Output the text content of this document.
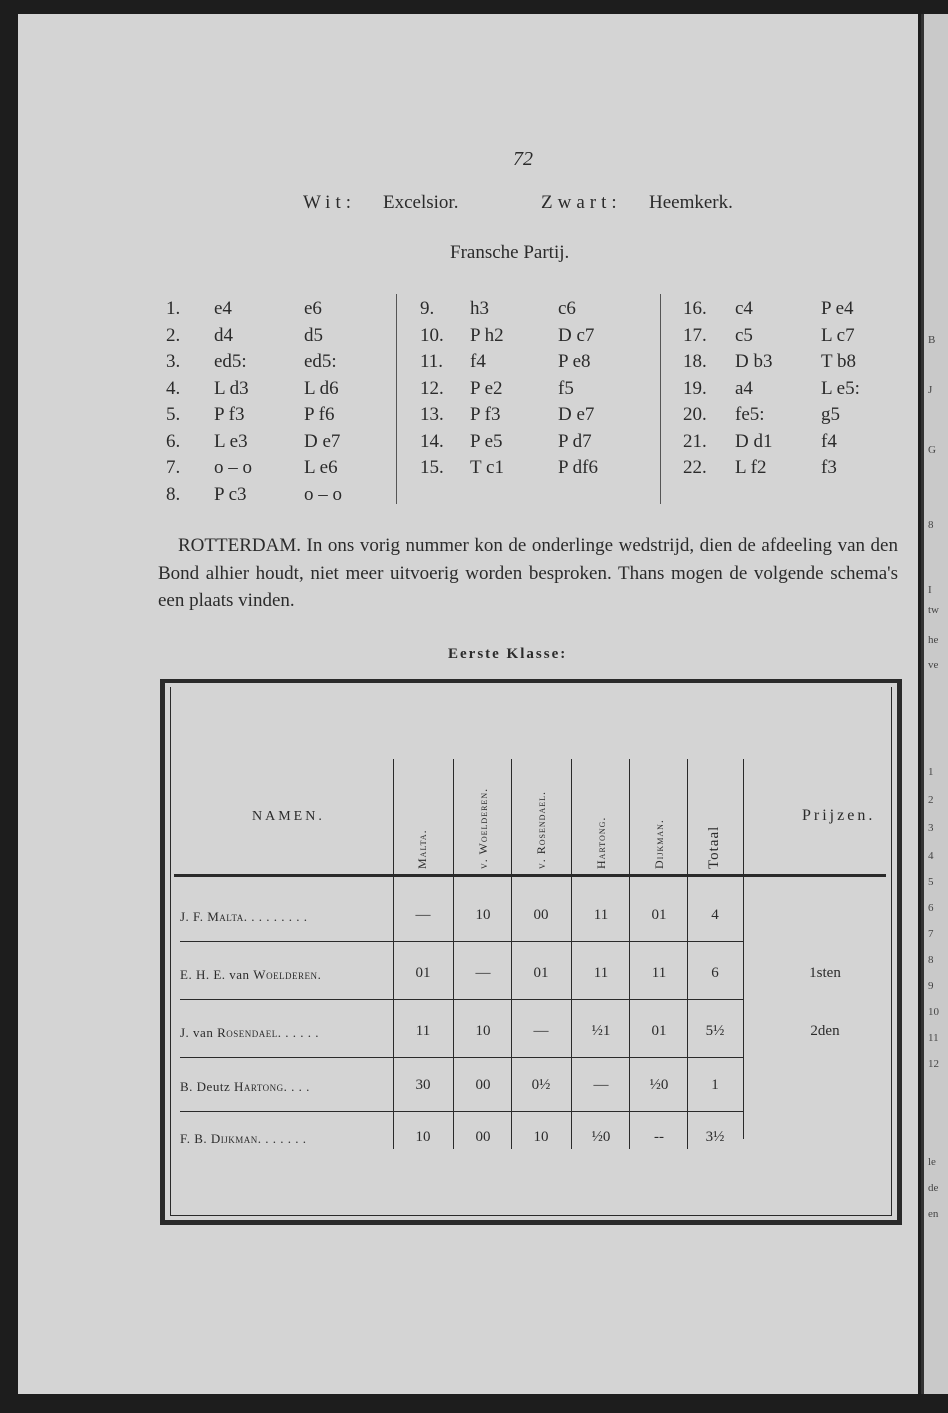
72
Wit: Excelsior.	Zwart: Heemkerk.
Fransche Partij.
1. e4	e6
2. d4	d5
3. ed5:	ed5:
4. L d3	L d6
5. P f3	P f6
6. L e3	D e7
7. o – o	L e6
8. P c3	o – o
9. h3	c6
10. P h2	D c7
11. f4	P e8
12. P e2	f5
13. P f3	D e7
14. P e5	P d7
15. T c1	P df6
16. c4	P e4
17. c5	L c7
18. D b3	T b8
19. a4	L e5:
20. fe5:	g5
21. D d1	f4
22. L f2	f3
ROTTERDAM. In ons vorig nummer kon de onderlinge wedstrijd, dien de afdeeling van den Bond alhier houdt, niet meer uitvoerig worden besproken. Thans mogen de volgende schema's een plaats vinden.
Eerste Klasse:
NAMEN.	Prijzen.
Malta.	v. Woelderen.	v. Rosendael.	Hartong.	Dijkman.	Totaal
J. F. Malta. . . . . . . . .	—	10	00	11	01	4
E. H. E. van Woelderen.	01	—	01	11	11	6	1sten
J. van Rosendael. . . . . .	11	10	—	½1	01	5½	2den
B. Deutz Hartong. . . .	30	00	0½	—	½0	1
F. B. Dijkman. . . . . . .	10	00	10	½0	--	3½
B
J
G
8
I
tw
he
ve
1
2
3
4
5
6
7
8
9
10
11
12
le
de
en
